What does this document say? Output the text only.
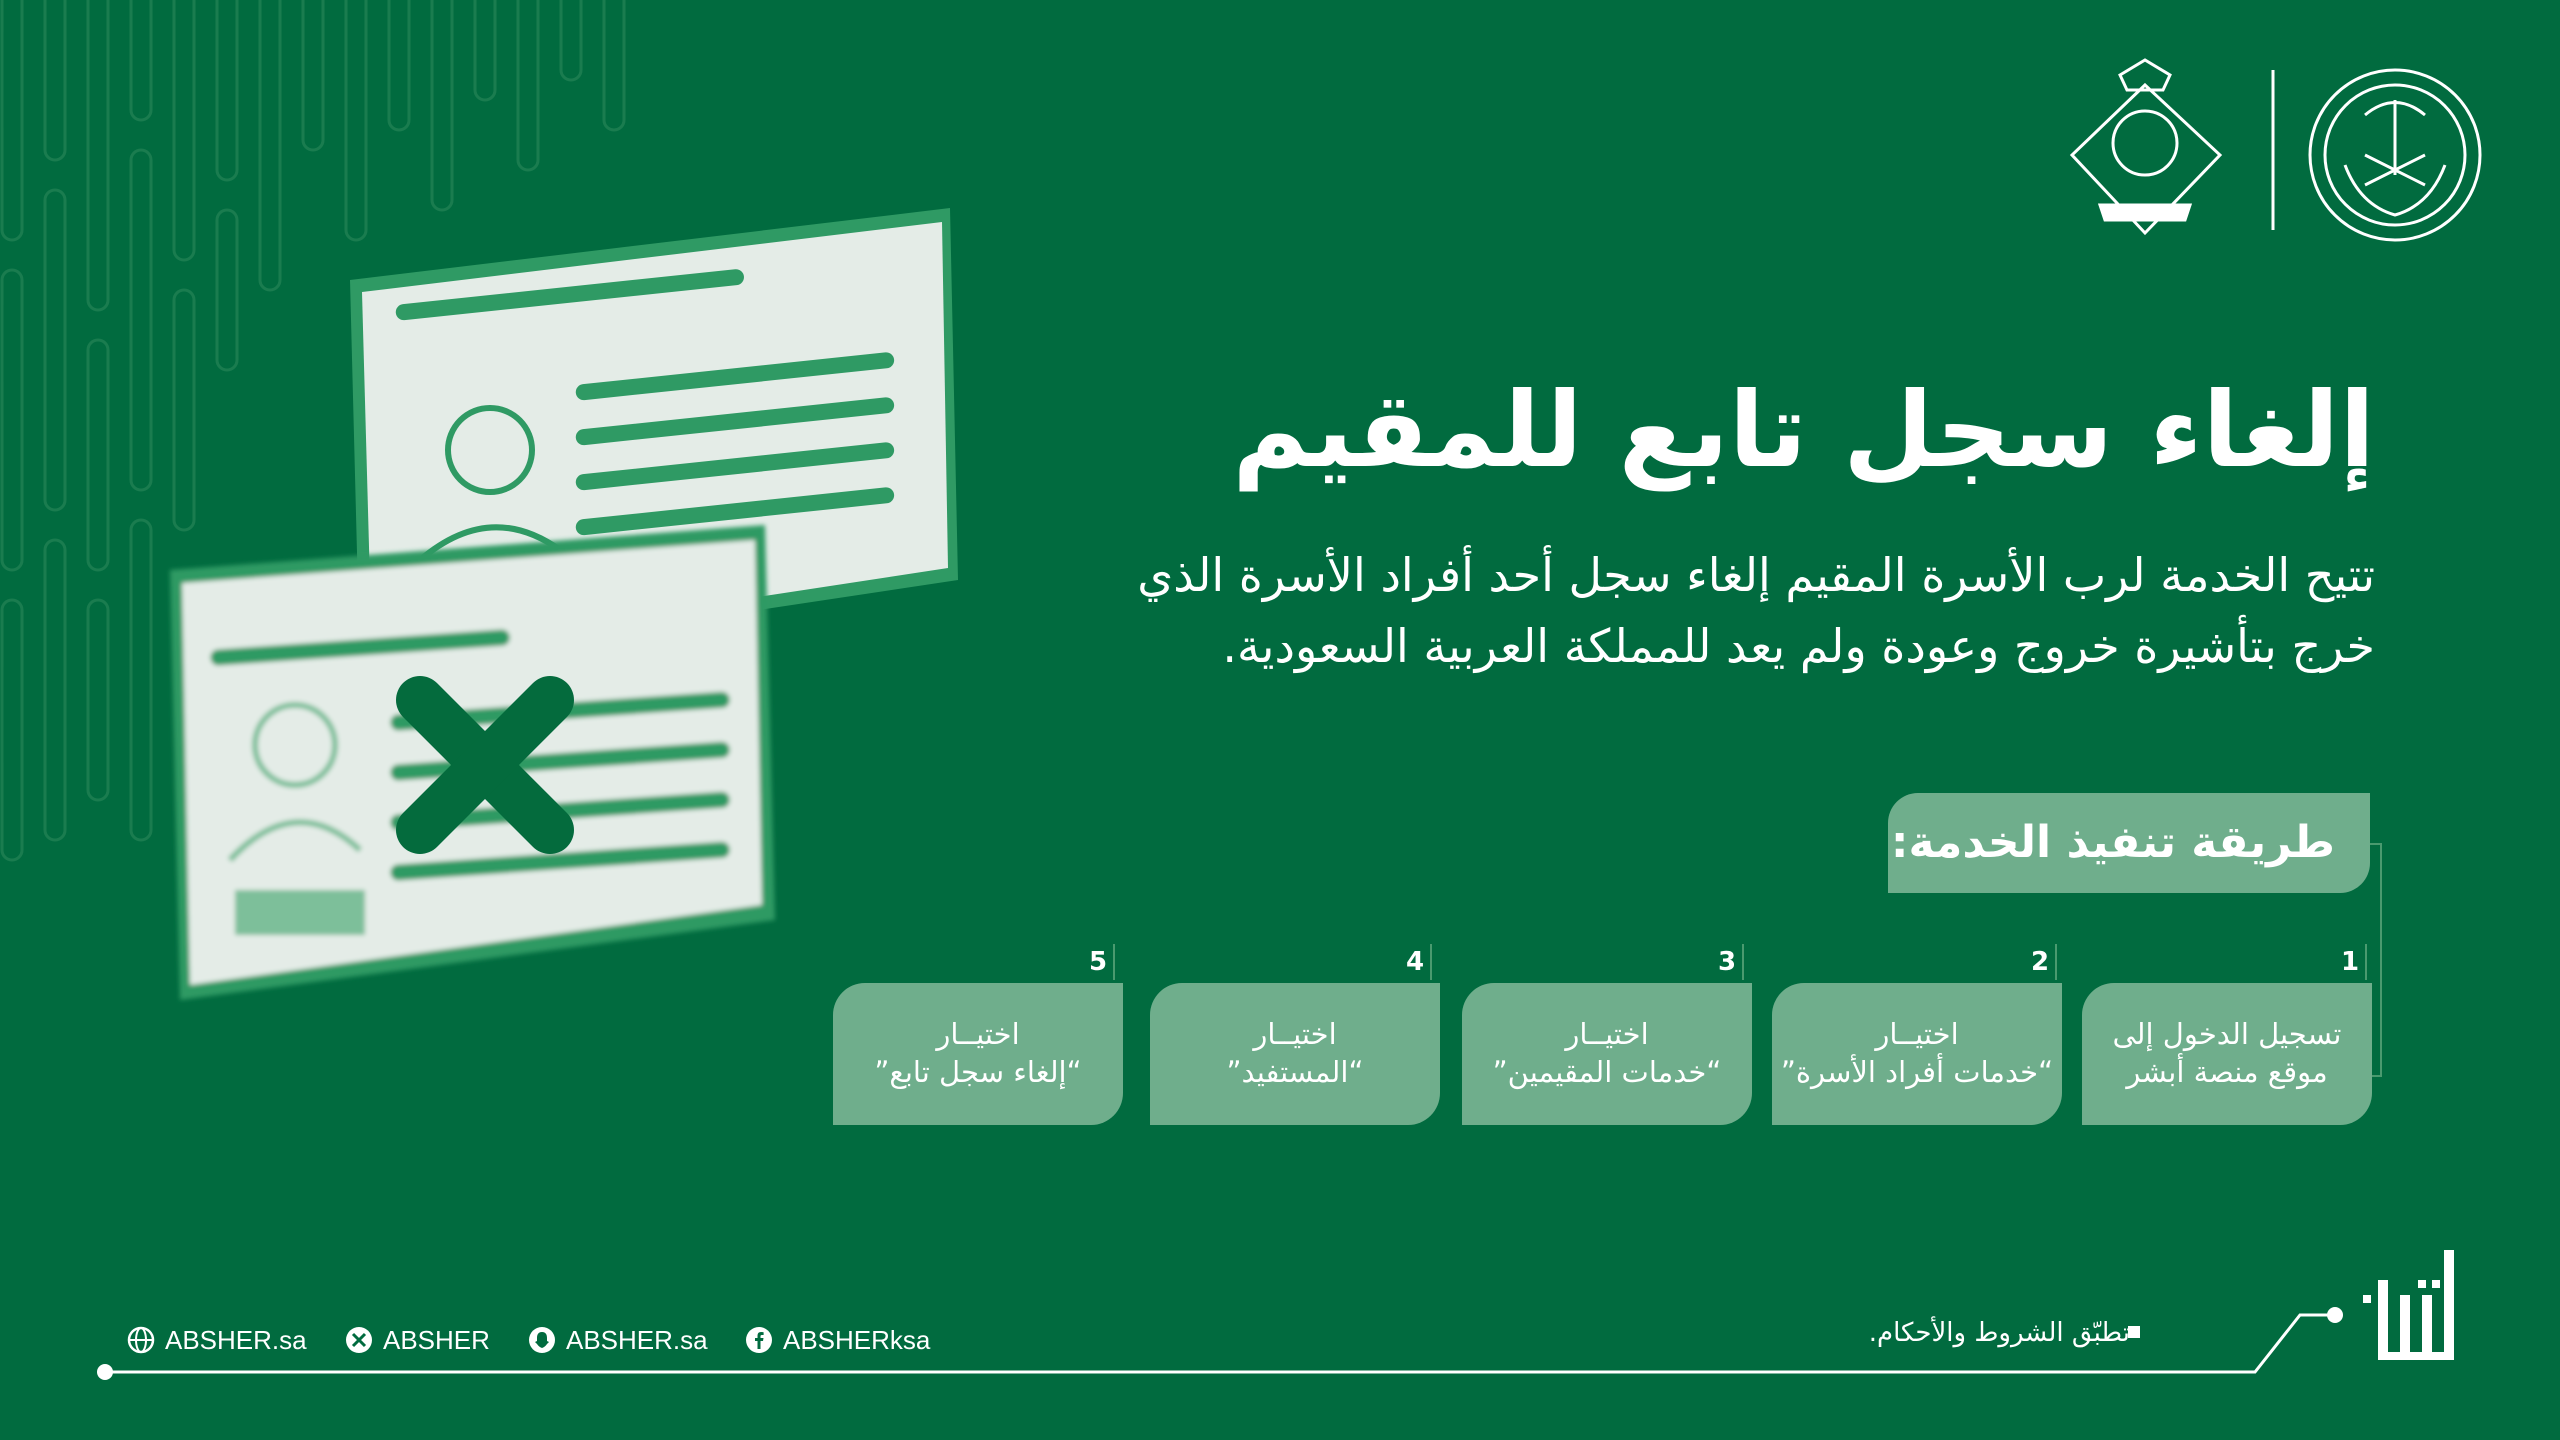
إلغاء سجل تابع للمقيم
تتيح الخدمة لرب الأسرة المقيم إلغاء سجل أحد أفراد الأسرة الذي
خرج بتأشيرة خروج وعودة ولم يعد للمملكة العربية السعودية.
طريقة تنفيذ الخدمة:
1
2
3
4
5
تسجيل الدخول إلى
موقع منصة أبشر
اختيــار
“خدمات أفراد الأسرة”
اختيــار
“خدمات المقيمين”
اختيــار
“المستفيد”
اختيــار
“إلغاء سجل تابع”
ABSHER.sa	ABSHER	ABSHER.sa	ABSHERksa	تطبّق الشروط والأحكام.
